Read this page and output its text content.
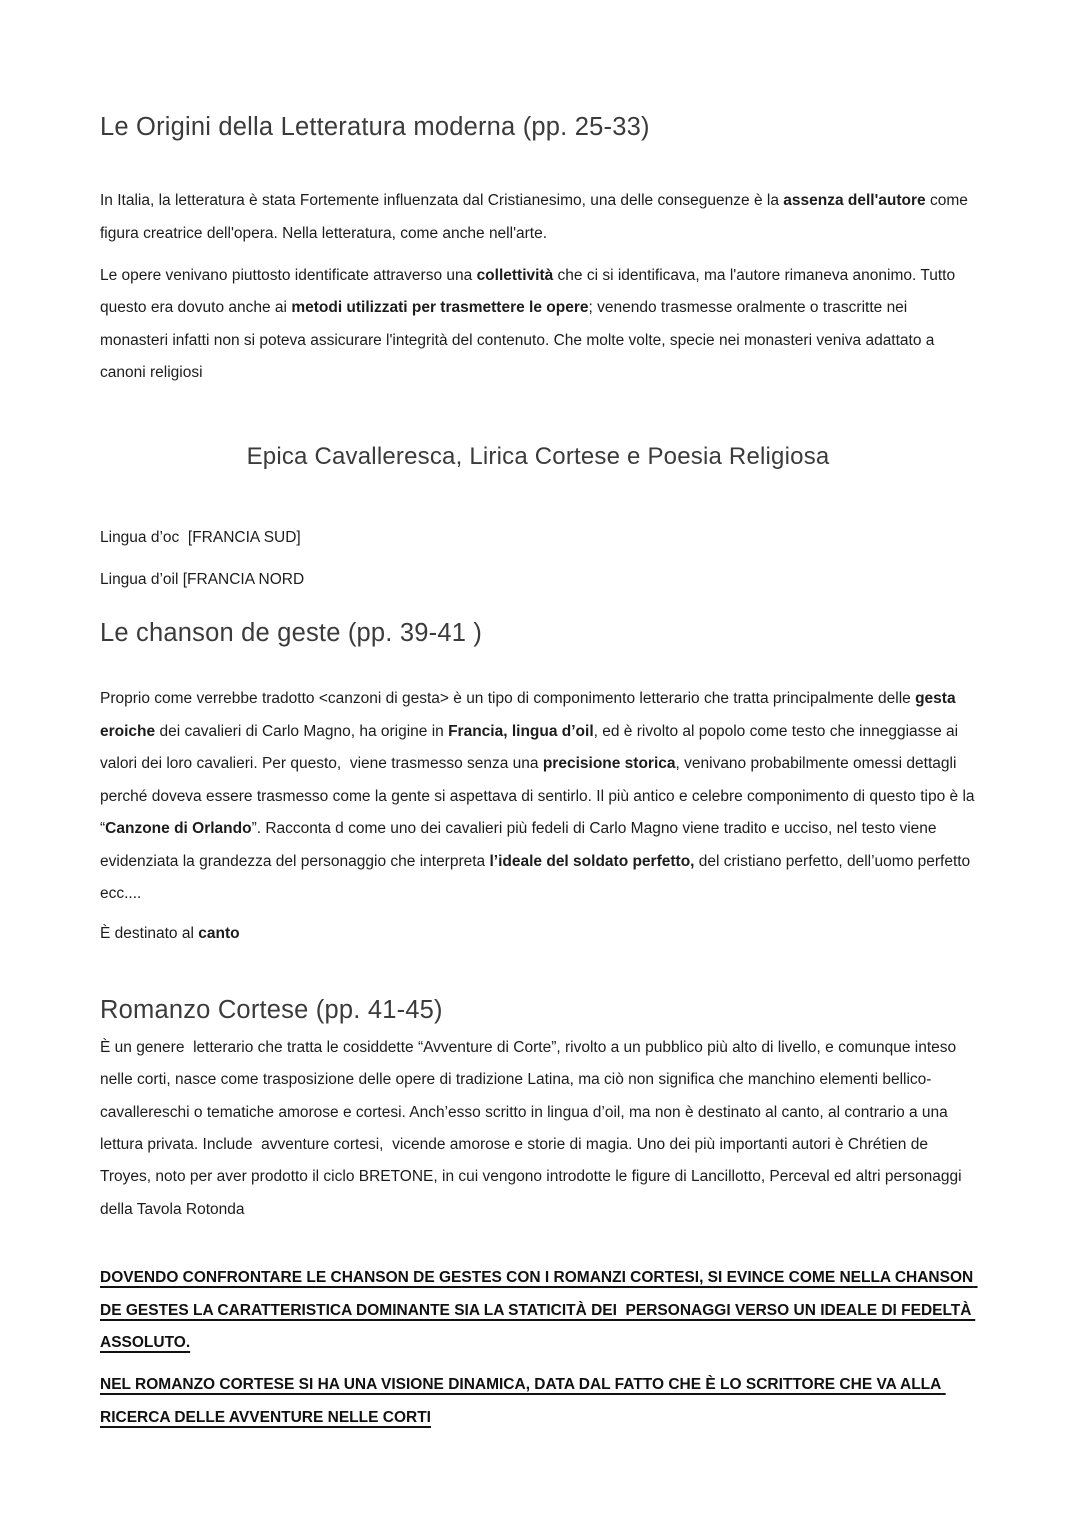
Le Origini della Letteratura moderna (pp. 25-33)

In Italia, la letteratura è stata Fortemente influenzata dal Cristianesimo, una delle conseguenze è la assenza dell'autore come figura creatrice dell'opera. Nella letteratura, come anche nell'arte.

Le opere venivano piuttosto identificate attraverso una collettività che ci si identificava, ma l'autore rimaneva anonimo. Tutto questo era dovuto anche ai metodi utilizzati per trasmettere le opere; venendo trasmesse oralmente o trascritte nei monasteri infatti non si poteva assicurare l'integrità del contenuto. Che molte volte, specie nei monasteri veniva adattato a canoni religiosi

Epica Cavalleresca, Lirica Cortese e Poesia Religiosa

Lingua d’oc  [FRANCIA SUD]

Lingua d’oil [FRANCIA NORD

Le chanson de geste (pp. 39-41 )

Proprio come verrebbe tradotto <canzoni di gesta> è un tipo di componimento letterario che tratta principalmente delle gesta eroiche dei cavalieri di Carlo Magno, ha origine in Francia, lingua d’oil, ed è rivolto al popolo come testo che inneggiasse ai valori dei loro cavalieri. Per questo,  viene trasmesso senza una precisione storica, venivano probabilmente omessi dettagli perché doveva essere trasmesso come la gente si aspettava di sentirlo. Il più antico e celebre componimento di questo tipo è la “Canzone di Orlando”. Racconta d come uno dei cavalieri più fedeli di Carlo Magno viene tradito e ucciso, nel testo viene evidenziata la grandezza del personaggio che interpreta l’ideale del soldato perfetto, del cristiano perfetto, dell’uomo perfetto ecc....

È destinato al canto

Romanzo Cortese (pp. 41-45)

È un genere  letterario che tratta le cosiddette “Avventure di Corte”, rivolto a un pubblico più alto di livello, e comunque inteso nelle corti, nasce come trasposizione delle opere di tradizione Latina, ma ciò non significa che manchino elementi bellico- cavallereschi o tematiche amorose e cortesi. Anch’esso scritto in lingua d’oil, ma non è destinato al canto, al contrario a una lettura privata. Include  avventure cortesi,  vicende amorose e storie di magia. Uno dei più importanti autori è Chrétien de Troyes, noto per aver prodotto il ciclo BRETONE, in cui vengono introdotte le figure di Lancillotto, Perceval ed altri personaggi della Tavola Rotonda

DOVENDO CONFRONTARE LE CHANSON DE GESTES CON I ROMANZI CORTESI, SI EVINCE COME NELLA CHANSON DE GESTES LA CARATTERISTICA DOMINANTE SIA LA STATICITÀ DEI  PERSONAGGI VERSO UN IDEALE DI FEDELTÀ ASSOLUTO.

NEL ROMANZO CORTESE SI HA UNA VISIONE DINAMICA, DATA DAL FATTO CHE È LO SCRITTORE CHE VA ALLA RICERCA DELLE AVVENTURE NELLE CORTI
